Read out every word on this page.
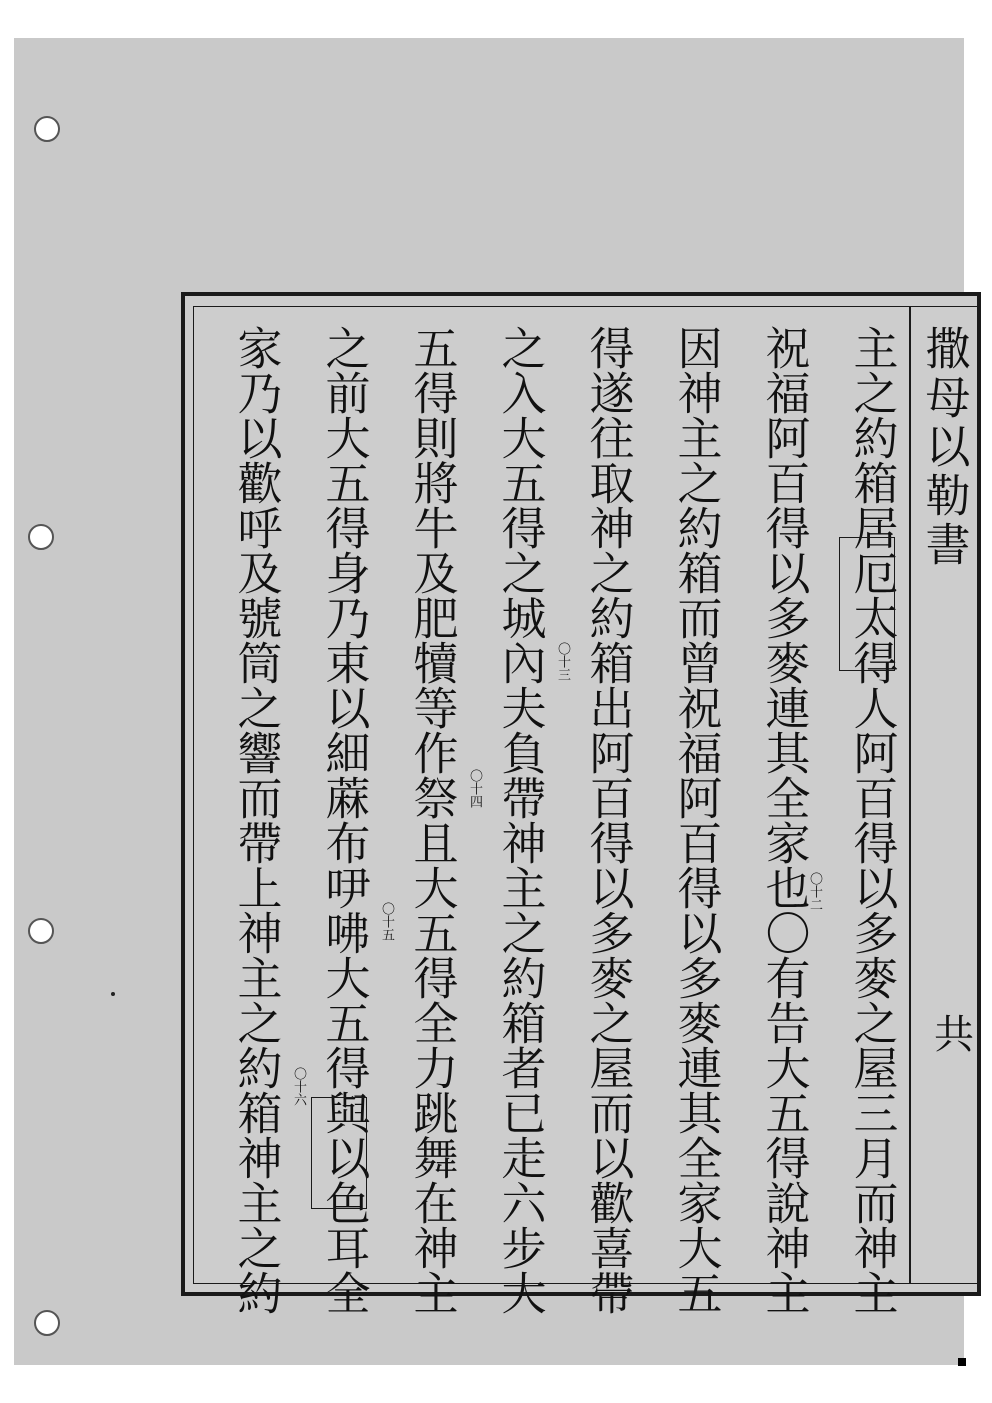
撒母以勒書
主之約箱居厄太得人阿百得以多麥之屋三月而神主
祝福阿百得以多麥連其全家也〇有告大五得說神主
因神主之約箱而曾祝福阿百得以多麥連其全家大五
得遂往取神之約箱出阿百得以多麥之屋而以歡喜帶
之入大五得之城內夫負帶神主之約箱者已走六步大
五得則將牛及肥犢等作祭且大五得全力跳舞在神主
之前大五得身乃束以細蔴布吚咈大五得與以色耳全
家乃以歡呼及號筒之響而帶上神主之約箱神主之約	〇十二
〇十三
〇十四
〇十五
〇十六
共
